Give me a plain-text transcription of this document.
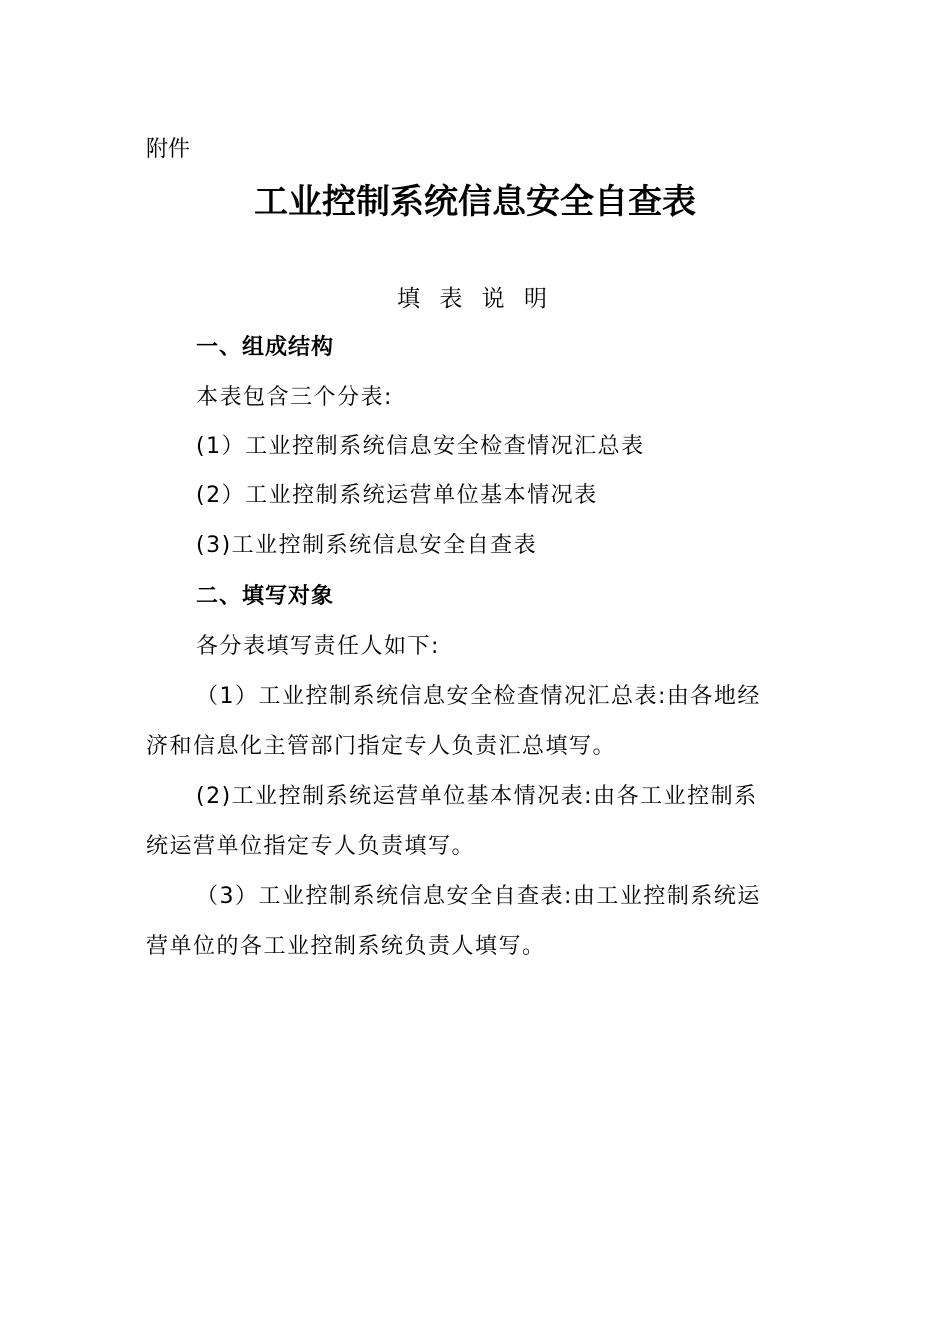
附件
工业控制系统信息安全自查表
填 表 说 明
一、组成结构
本表包含三个分表:
(1）工业控制系统信息安全检查情况汇总表
(2）工业控制系统运营单位基本情况表
(3)工业控制系统信息安全自查表
二、填写对象
各分表填写责任人如下:
（1）工业控制系统信息安全检查情况汇总表:由各地经
济和信息化主管部门指定专人负责汇总填写。
(2)工业控制系统运营单位基本情况表:由各工业控制系
统运营单位指定专人负责填写。
（3）工业控制系统信息安全自查表:由工业控制系统运
营单位的各工业控制系统负责人填写。
